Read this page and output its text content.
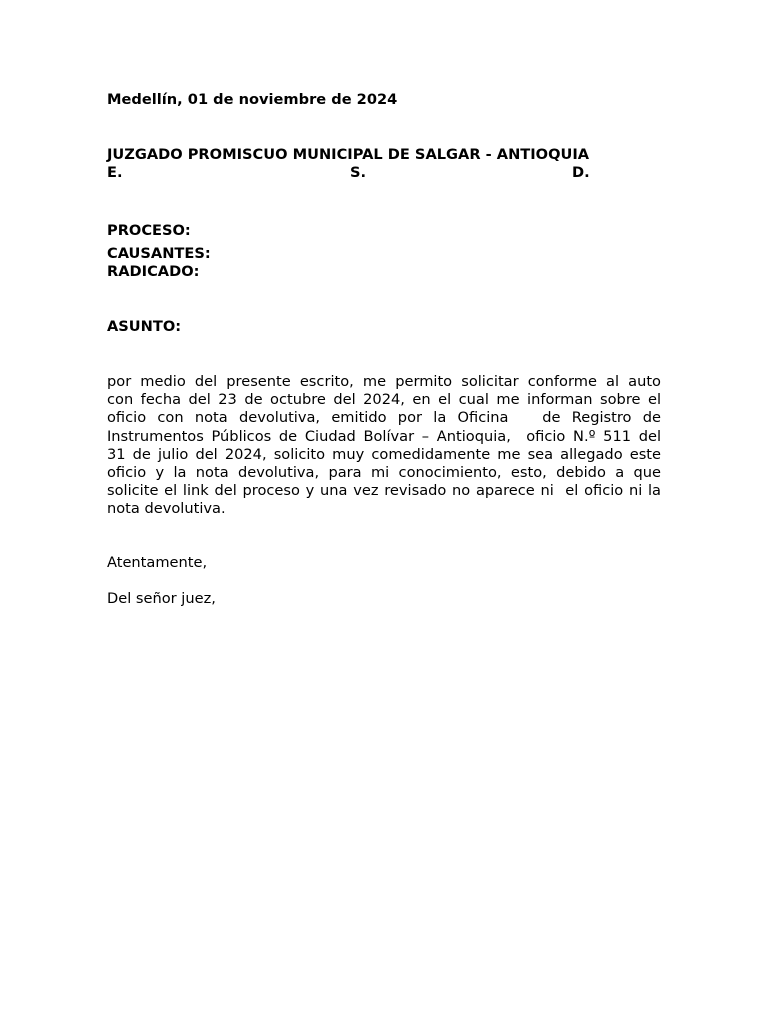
Medellín, 01 de noviembre de 2024
JUZGADO PROMISCUO MUNICIPAL DE SALGAR - ANTIOQUIA
E.	S.	D.
PROCESO:
CAUSANTES:
RADICADO:
ASUNTO:
por medio del presente escrito, me permito solicitar conforme al auto
con fecha del 23 de octubre del 2024, en el cual me informan sobre el
oficio con nota devolutiva, emitido por la Oficina   de Registro de
Instrumentos Públicos de Ciudad Bolívar – Antioquia,  oficio N.º 511 del
31 de julio del 2024, solicito muy comedidamente me sea allegado este
oficio y la nota devolutiva, para mi conocimiento, esto, debido a que
solicite el link del proceso y una vez revisado no aparece ni  el oficio ni la
nota devolutiva.
Atentamente,
Del señor juez,
